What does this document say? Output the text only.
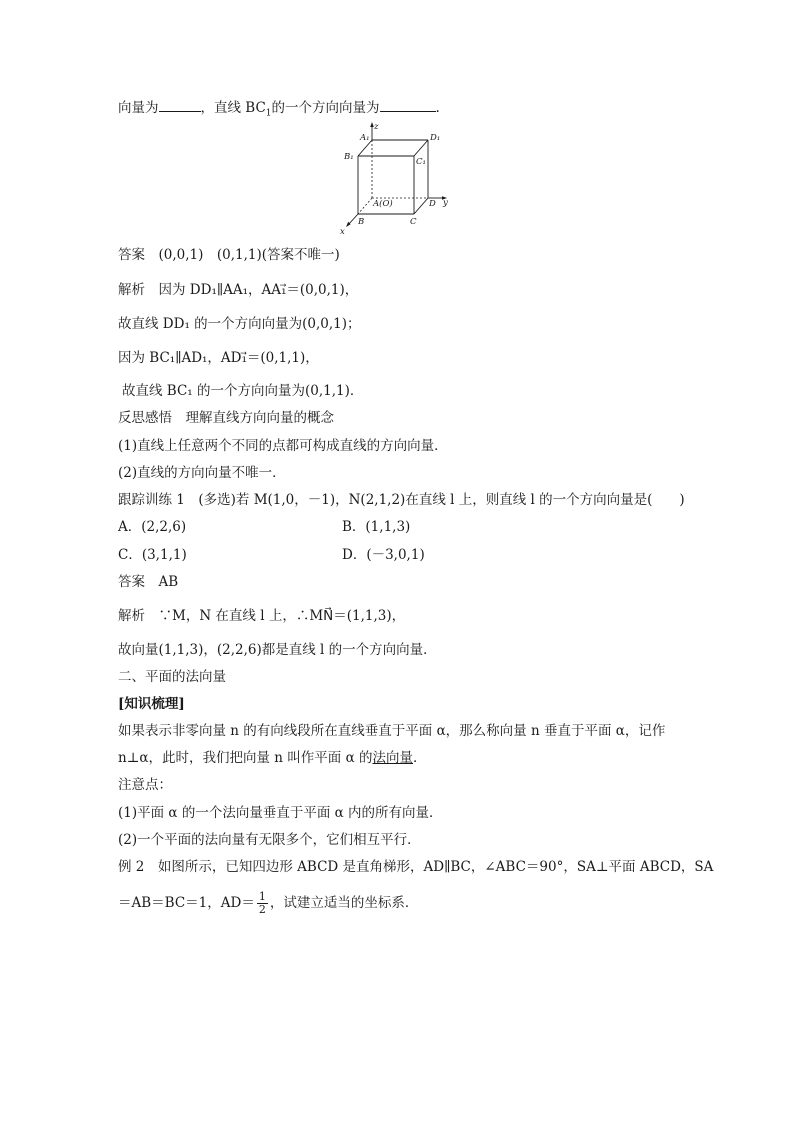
向量为	，直线 $BC_1$的一个方向向量为	.
A₁
z
D₁
B₁	C₁
A(O)	D y
B	C
x
答案　(0,0,1)　(0,1,1)(答案不唯一)
解析　因为 DD₁∥AA₁，AA₁⃗＝(0,0,1)，
故直线 DD₁ 的一个方向向量为(0,0,1)；
因为 BC₁∥AD₁，AD₁⃗＝(0,1,1)，
故直线 BC₁ 的一个方向向量为(0,1,1)．
反思感悟　理解直线方向向量的概念
(1)直线上任意两个不同的点都可构成直线的方向向量．
(2)直线的方向向量不唯一．
跟踪训练 1　(多选)若 M(1,0，－1)，N(2,1,2)在直线 l 上，则直线 l 的一个方向向量是(　　)
A．(2,2,6)	B．(1,1,3)
C．(3,1,1)	D．(－3,0,1)
答案　AB
解析　∵M，N 在直线 l 上，∴MN⃗＝(1,1,3)，
故向量(1,1,3)，(2,2,6)都是直线 l 的一个方向向量．
二、平面的法向量
[知识梳理]
如果表示非零向量 n 的有向线段所在直线垂直于平面 α，那么称向量 n 垂直于平面 α，记作
n⊥α，此时，我们把向量 n 叫作平面 α 的法向量．
注意点：
(1)平面 α 的一个法向量垂直于平面 α 内的所有向量．
(2)一个平面的法向量有无限多个，它们相互平行．
例 2　如图所示，已知四边形 ABCD 是直角梯形，AD∥BC，∠ABC＝90°，SA⊥平面 ABCD，SA
＝AB＝BC＝1，$AD= \frac{1}{2}$ ，试建立适当的坐标系．
